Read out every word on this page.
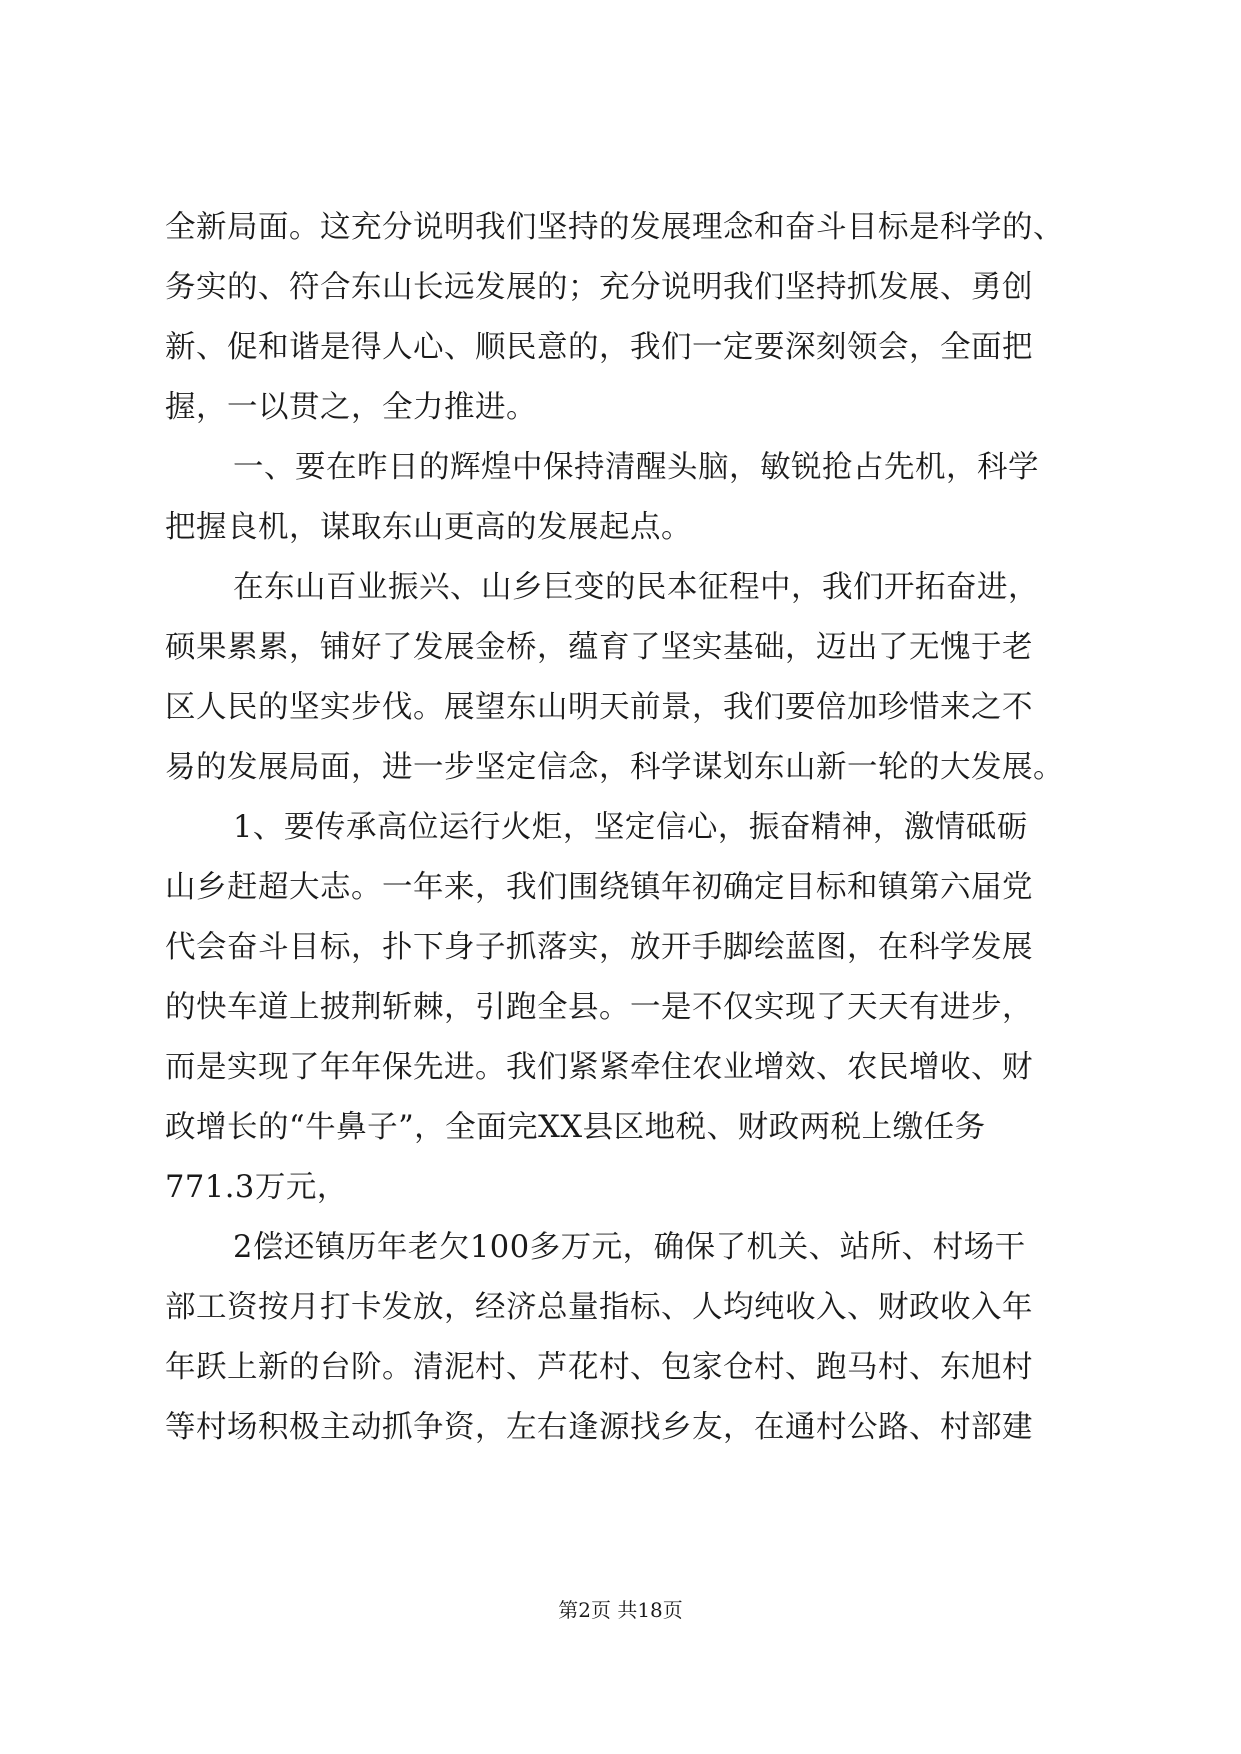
全新局面。这充分说明我们坚持的发展理念和奋斗目标是科学的、
务实的、符合东山长远发展的；充分说明我们坚持抓发展、勇创
新、促和谐是得人心、顺民意的，我们一定要深刻领会，全面把
握，一以贯之，全力推进。
一、要在昨日的辉煌中保持清醒头脑，敏锐抢占先机，科学
把握良机，谋取东山更高的发展起点。
在东山百业振兴、山乡巨变的民本征程中，我们开拓奋进，
硕果累累，铺好了发展金桥，蕴育了坚实基础，迈出了无愧于老
区人民的坚实步伐。展望东山明天前景，我们要倍加珍惜来之不
易的发展局面，进一步坚定信念，科学谋划东山新一轮的大发展。
1、要传承高位运行火炬，坚定信心，振奋精神，激情砥砺
山乡赶超大志。一年来，我们围绕镇年初确定目标和镇第六届党
代会奋斗目标，扑下身子抓落实，放开手脚绘蓝图，在科学发展
的快车道上披荆斩棘，引跑全县。一是不仅实现了天天有进步，
而是实现了年年保先进。我们紧紧牵住农业增效、农民增收、财
政增长的“牛鼻子”，全面完XX县区地税、财政两税上缴任务
771.3万元，
2偿还镇历年老欠100多万元，确保了机关、站所、村场干
部工资按月打卡发放，经济总量指标、人均纯收入、财政收入年
年跃上新的台阶。清泥村、芦花村、包家仓村、跑马村、东旭村
等村场积极主动抓争资，左右逢源找乡友，在通村公路、村部建
第2页 共18页
